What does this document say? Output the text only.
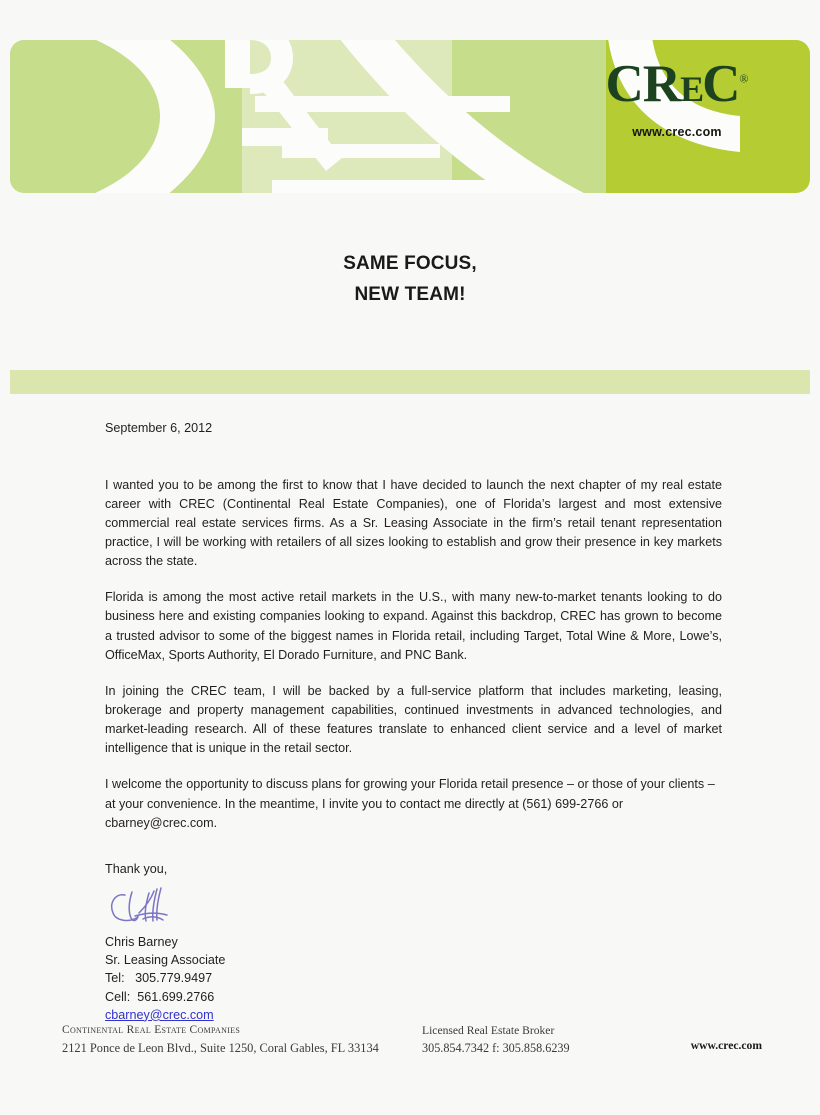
CREC®
www.crec.com
SAME FOCUS,
NEW TEAM!

September 6, 2012

I wanted you to be among the first to know that I have decided to launch the next chapter of my real estate career with CREC (Continental Real Estate Companies), one of Florida’s largest and most extensive commercial real estate services firms. As a Sr. Leasing Associate in the firm’s retail tenant representation practice, I will be working with retailers of all sizes looking to establish and grow their presence in key markets across the state.

Florida is among the most active retail markets in the U.S., with many new-to-market tenants looking to do business here and existing companies looking to expand. Against this backdrop, CREC has grown to become a trusted advisor to some of the biggest names in Florida retail, including Target, Total Wine & More, Lowe’s, OfficeMax, Sports Authority, El Dorado Furniture, and PNC Bank.

In joining the CREC team, I will be backed by a full-service platform that includes marketing, leasing, brokerage and property management capabilities, continued investments in advanced technologies, and market-leading research. All of these features translate to enhanced client service and a level of market intelligence that is unique in the retail sector.

I welcome the opportunity to discuss plans for growing your Florida retail presence – or those of your clients – at your convenience. In the meantime, I invite you to contact me directly at (561) 699-2766 or cbarney@crec.com.

Thank you,

Chris Barney
Sr. Leasing Associate
Tel: 305.779.9497
Cell: 561.699.2766
cbarney@crec.com
Continental Real Estate Companies
2121 Ponce de Leon Blvd., Suite 1250, Coral Gables, FL 33134
Licensed Real Estate Broker
305.854.7342 f: 305.858.6239	www.crec.com
